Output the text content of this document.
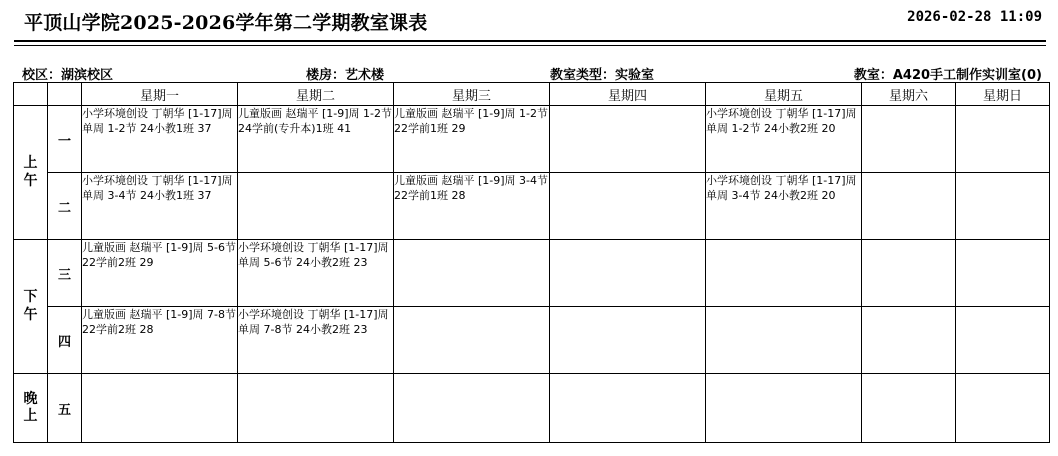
平顶山学院2025-2026学年第二学期教室课表	2026-02-28 11:09
校区：湖滨校区	楼房：艺术楼	教室类型：实验室	教室：A420手工制作实训室(0)
		星期一	星期二	星期三	星期四	星期五	星期六	星期日
上午	一	小学环境创设 丁朝华 [1-17]周 单周 1-2节 24小教1班 37	儿童版画 赵瑞平 [1-9]周 1-2节 24学前(专升本)1班 41	儿童版画 赵瑞平 [1-9]周 1-2节 22学前1班 29		小学环境创设 丁朝华 [1-17]周 单周 1-2节 24小教2班 20		

	二	小学环境创设 丁朝华 [1-17]周 单周 3-4节 24小教1班 37		儿童版画 赵瑞平 [1-9]周 3-4节 22学前1班 28		小学环境创设 丁朝华 [1-17]周 单周 3-4节 24小教2班 20		

下午	三	儿童版画 赵瑞平 [1-9]周 5-6节 22学前2班 29	小学环境创设 丁朝华 [1-17]周 单周 5-6节 24小教2班 23					

	四	儿童版画 赵瑞平 [1-9]周 7-8节 22学前2班 28	小学环境创设 丁朝华 [1-17]周 单周 7-8节 24小教2班 23					

晚上	五	
